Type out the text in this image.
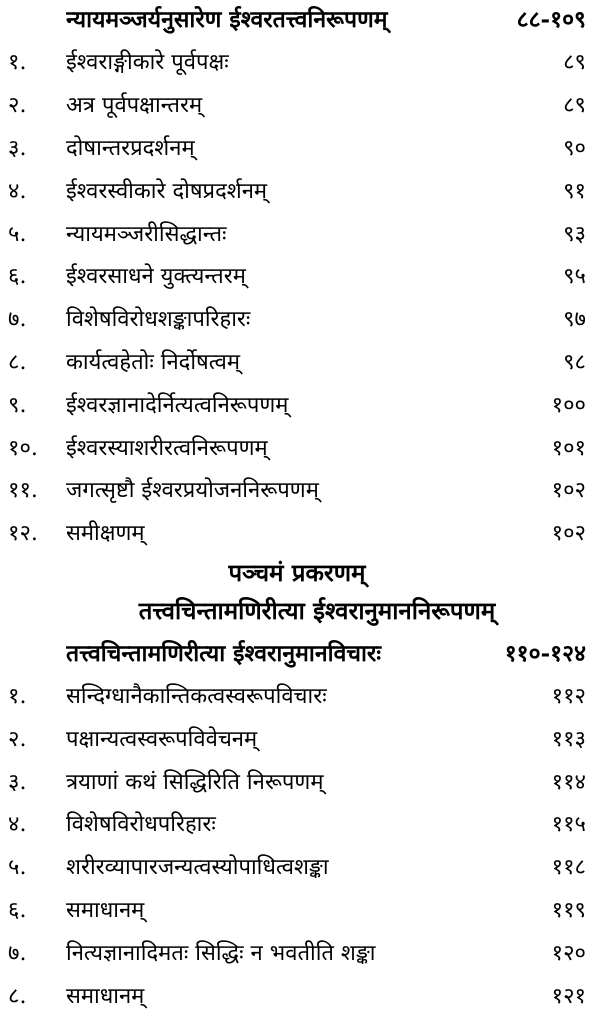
न्यायमञ्जर्यनुसारेण ईश्वरतत्त्वनिरूपणम्	८८-१०९
१.	ईश्वराङ्गीकारे पूर्वपक्षः	८९
२.	अत्र पूर्वपक्षान्तरम्	८९
३.	दोषान्तरप्रदर्शनम्	९०
४.	ईश्वरस्वीकारे दोषप्रदर्शनम्	९१
५.	न्यायमञ्जरीसिद्धान्तः	९३
६.	ईश्वरसाधने युक्त्यन्तरम्	९५
७.	विशेषविरोधशङ्कापरिहारः	९७
८.	कार्यत्वहेतोः निर्दोषत्वम्	९८
९.	ईश्वरज्ञानादेर्नित्यत्वनिरूपणम्	१००
१०.	ईश्वरस्याशरीरत्वनिरूपणम्	१०१
११.	जगत्सृष्टौ ईश्वरप्रयोजननिरूपणम्	१०२
१२.	समीक्षणम्	१०२
पञ्चमं प्रकरणम्
तत्त्वचिन्तामणिरीत्या ईश्वरानुमाननिरूपणम्
तत्त्वचिन्तामणिरीत्या ईश्वरानुमानविचारः	११०-१२४
१.	सन्दिग्धानैकान्तिकत्वस्वरूपविचारः	११२
२.	पक्षान्यत्वस्वरूपविवेचनम्	११३
३.	त्रयाणां कथं सिद्धिरिति निरूपणम्	११४
४.	विशेषविरोधपरिहारः	११५
५.	शरीरव्यापारजन्यत्वस्योपाधित्वशङ्का	११८
६.	समाधानम्	११९
७.	नित्यज्ञानादिमतः सिद्धिः न भवतीति शङ्का	१२०
८.	समाधानम्	१२१
